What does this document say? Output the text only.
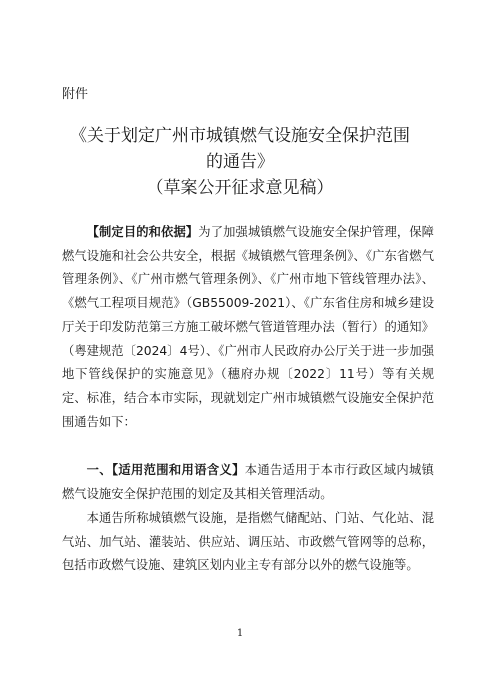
附件
《关于划定广州市城镇燃气设施安全保护范围
的通告》
（草案公开征求意见稿）
【制定目的和依据】为了加强城镇燃气设施安全保护管理，保障燃气设施和社会公共安全，根据《城镇燃气管理条例》、《广东省燃气管理条例》、《广州市燃气管理条例》、《广州市地下管线管理办法》、《燃气工程项目规范》（GB55009-2021）、《广东省住房和城乡建设厅关于印发防范第三方施工破坏燃气管道管理办法（暂行）的通知》（粤建规范〔2024〕4号）、《广州市人民政府办公厅关于进一步加强地下管线保护的实施意见》（穗府办规〔2022〕11号）等有关规定、标准，结合本市实际，现就划定广州市城镇燃气设施安全保护范围通告如下：
一、【适用范围和用语含义】本通告适用于本市行政区域内城镇燃气设施安全保护范围的划定及其相关管理活动。
本通告所称城镇燃气设施，是指燃气储配站、门站、气化站、混气站、加气站、灌装站、供应站、调压站、市政燃气管网等的总称，包括市政燃气设施、建筑区划内业主专有部分以外的燃气设施等。
1
